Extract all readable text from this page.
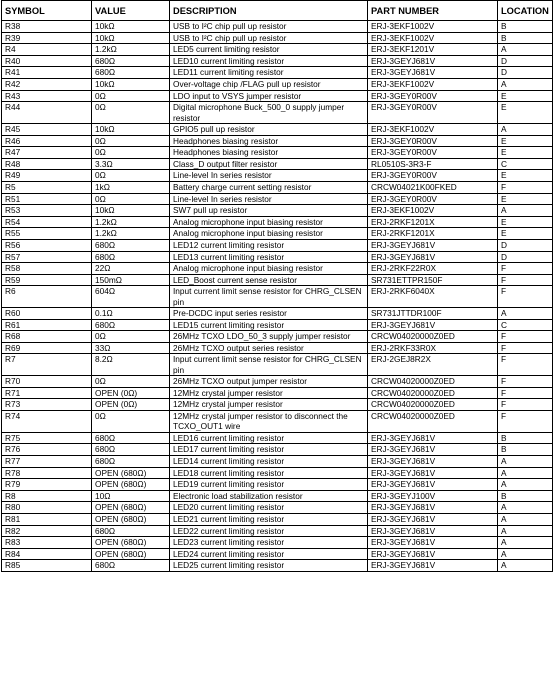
SYMBOL	VALUE	DESCRIPTION	PART NUMBER	LOCATION
R38	10kΩ	USB to I²C chip pull up resistor	ERJ-3EKF1002V	B
R39	10kΩ	USB to I²C chip pull up resistor	ERJ-3EKF1002V	B
R4	1.2kΩ	LED5 current limiting resistor	ERJ-3EKF1201V	A
R40	680Ω	LED10 current limiting resistor	ERJ-3GEYJ681V	D
R41	680Ω	LED11 current limiting resistor	ERJ-3GEYJ681V	D
R42	10kΩ	Over-voltage chip /FLAG pull up resistor	ERJ-3EKF1002V	A
R43	0Ω	LDO input to VSYS jumper resistor	ERJ-3GEY0R00V	E
R44	0Ω	Digital microphone Buck_500_0 supply jumper resistor	ERJ-3GEY0R00V	E
R45	10kΩ	GPIO5 pull up resistor	ERJ-3EKF1002V	A
R46	0Ω	Headphones biasing resistor	ERJ-3GEY0R00V	E
R47	0Ω	Headphones biasing resistor	ERJ-3GEY0R00V	E
R48	3.3Ω	Class_D output filter resistor	RL0510S-3R3-F	C
R49	0Ω	Line-level In series resistor	ERJ-3GEY0R00V	E
R5	1kΩ	Battery charge current setting resistor	CRCW04021K00FKED	F
R51	0Ω	Line-level In series resistor	ERJ-3GEY0R00V	E
R53	10kΩ	SW7 pull up resistor	ERJ-3EKF1002V	A
R54	1.2kΩ	Analog microphone input biasing resistor	ERJ-2RKF1201X	E
R55	1.2kΩ	Analog microphone input biasing resistor	ERJ-2RKF1201X	E
R56	680Ω	LED12 current limiting resistor	ERJ-3GEYJ681V	D
R57	680Ω	LED13 current limiting resistor	ERJ-3GEYJ681V	D
R58	22Ω	Analog microphone input biasing resistor	ERJ-2RKF22R0X	F
R59	150mΩ	LED_Boost current sense resistor	SR731ETTPR150F	F
R6	604Ω	Input current limit sense resistor for CHRG_CLSEN pin	ERJ-2RKF6040X	F
R60	0.1Ω	Pre-DCDC input series resistor	SR731JTTDR100F	A
R61	680Ω	LED15 current limiting resistor	ERJ-3GEYJ681V	C
R68	0Ω	26MHz TCXO LDO_50_3 supply jumper resistor	CRCW04020000Z0ED	F
R69	33Ω	26MHz TCXO output series resistor	ERJ-2RKF33R0X	F
R7	8.2Ω	Input current limit sense resistor for CHRG_CLSEN pin	ERJ-2GEJ8R2X	F
R70	0Ω	26MHz TCXO output jumper resistor	CRCW04020000Z0ED	F
R71	OPEN (0Ω)	12MHz crystal jumper resistor	CRCW04020000Z0ED	F
R73	OPEN (0Ω)	12MHz crystal jumper resistor	CRCW04020000Z0ED	F
R74	0Ω	12MHz crystal jumper resistor to disconnect the TCXO_OUT1 wire	CRCW04020000Z0ED	F
R75	680Ω	LED16 current limiting resistor	ERJ-3GEYJ681V	B
R76	680Ω	LED17 current limiting resistor	ERJ-3GEYJ681V	B
R77	680Ω	LED14 current limiting resistor	ERJ-3GEYJ681V	A
R78	OPEN (680Ω)	LED18 current limiting resistor	ERJ-3GEYJ681V	A
R79	OPEN (680Ω)	LED19 current limiting resistor	ERJ-3GEYJ681V	A
R8	10Ω	Electronic load stabilization resistor	ERJ-3GEYJ100V	B
R80	OPEN (680Ω)	LED20 current limiting resistor	ERJ-3GEYJ681V	A
R81	OPEN (680Ω)	LED21 current limiting resistor	ERJ-3GEYJ681V	A
R82	680Ω	LED22 current limiting resistor	ERJ-3GEYJ681V	A
R83	OPEN (680Ω)	LED23 current limiting resistor	ERJ-3GEYJ681V	A
R84	OPEN (680Ω)	LED24 current limiting resistor	ERJ-3GEYJ681V	A
R85	680Ω	LED25 current limiting resistor	ERJ-3GEYJ681V	A
